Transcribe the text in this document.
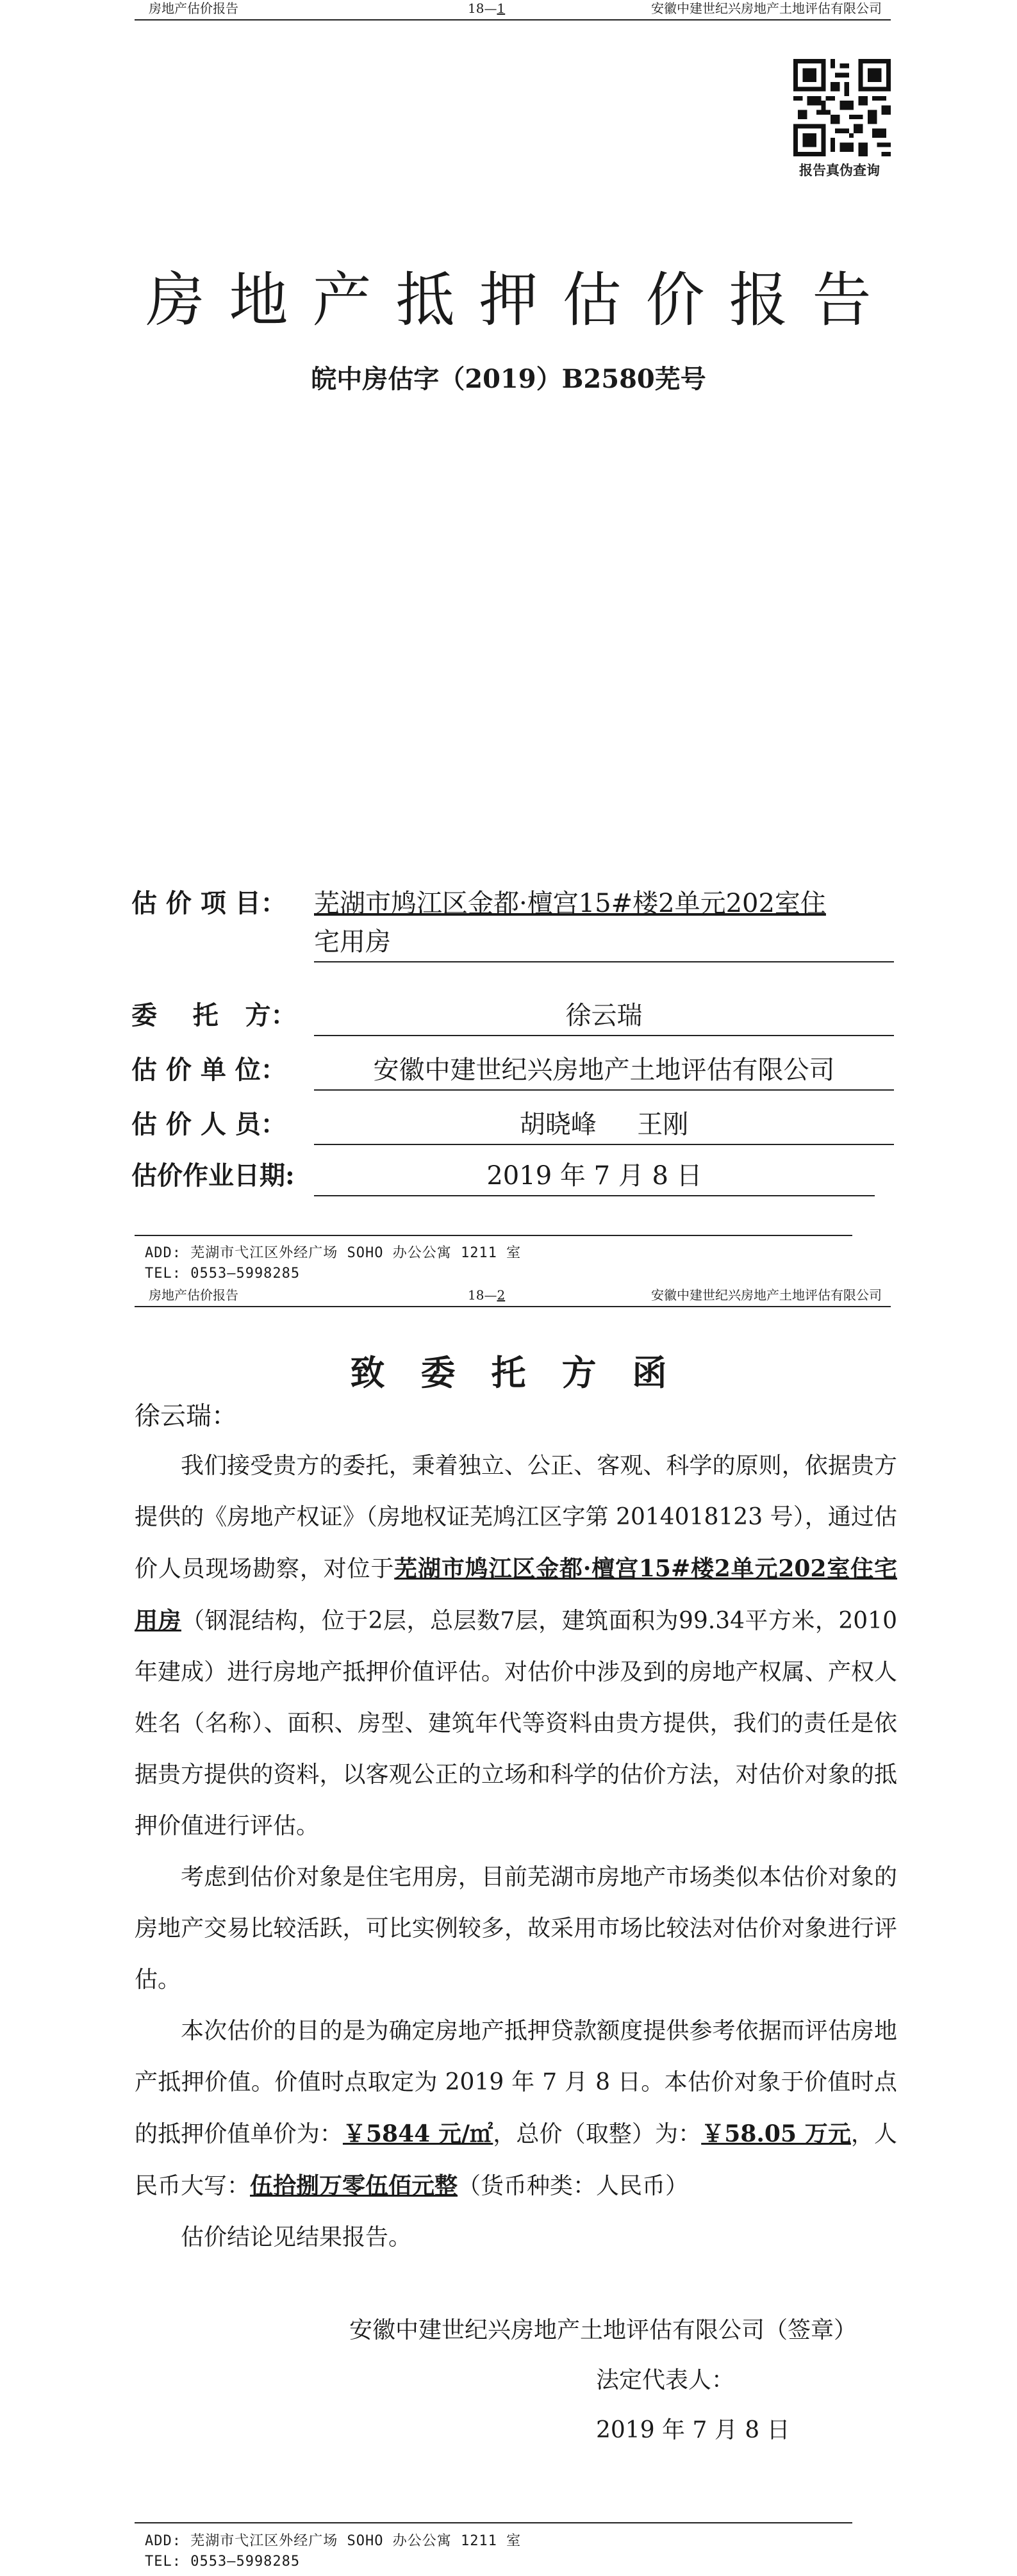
房地产估价报告	18—1	安徽中建世纪兴房地产土地评估有限公司
报告真伪查询
房地产抵押估价报告
皖中房估字（2019）B2580芜号
估 价 项 目： 芜湖市鸠江区金都·檀宫15#楼2单元202室住
宅用房
委    托   方：	徐云瑞
估 价 单 位：	安徽中建世纪兴房地产土地评估有限公司
估 价 人 员：	胡晓峰     王刚
估价作业日期:	2019 年 7 月 8 日
ADD: 芜湖市弋江区外经广场 SOHO 办公公寓 1211 室
TEL: 0553—5998285
房地产估价报告	18—2	安徽中建世纪兴房地产土地评估有限公司
致委托方函
徐云瑞：

我们接受贵方的委托，秉着独立、公正、客观、科学的原则，依据贵方提供的《房地产权证》（房地权证芜鸠江区字第 2014018123 号），通过估价人员现场勘察，对位于芜湖市鸠江区金都·檀宫15#楼2单元202室住宅用房（钢混结构，位于2层，总层数7层，建筑面积为99.34平方米，2010年建成）进行房地产抵押价值评估。对估价中涉及到的房地产权属、产权人姓名（名称）、面积、房型、建筑年代等资料由贵方提供，我们的责任是依据贵方提供的资料，以客观公正的立场和科学的估价方法，对估价对象的抵押价值进行评估。

考虑到估价对象是住宅用房，目前芜湖市房地产市场类似本估价对象的房地产交易比较活跃，可比实例较多，故采用市场比较法对估价对象进行评估。

本次估价的目的是为确定房地产抵押贷款额度提供参考依据而评估房地产抵押价值。价值时点取定为 2019 年 7 月 8 日。本估价对象于价值时点的抵押价值单价为：￥5844 元/㎡，总价（取整）为：￥58.05 万元，人民币大写：伍拾捌万零伍佰元整（货币种类：人民币）

估价结论见结果报告。

安徽中建世纪兴房地产土地评估有限公司（签章）
法定代表人：
2019 年 7 月 8 日
ADD: 芜湖市弋江区外经广场 SOHO 办公公寓 1211 室
TEL: 0553—5998285
